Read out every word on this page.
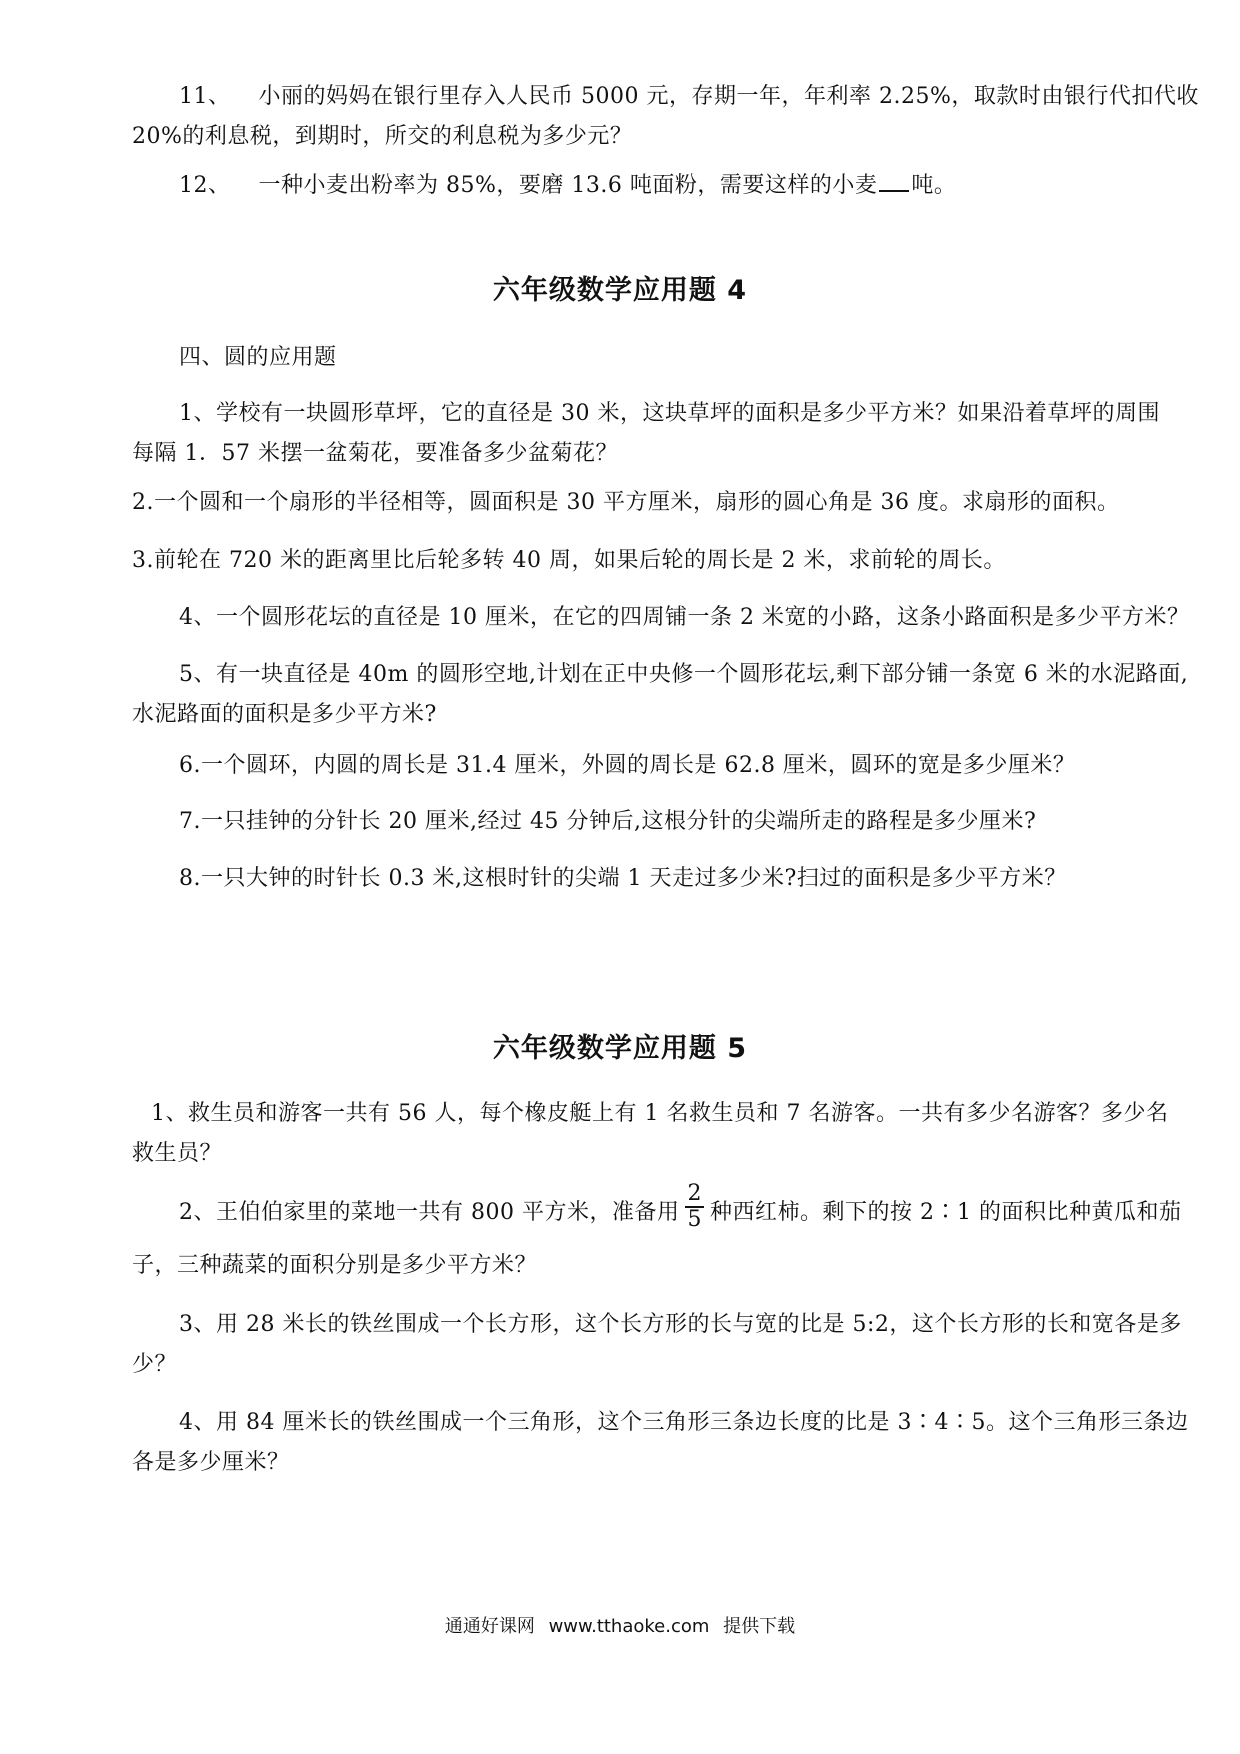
11、 小丽的妈妈在银行里存入人民币 5000 元，存期一年，年利率 2.25%，取款时由银行代扣代收
20%的利息税，到期时，所交的利息税为多少元？
12、 一种小麦出粉率为 85%，要磨 13.6 吨面粉，需要这样的小麦 吨。
六年级数学应用题 4
四、圆的应用题
1、学校有一块圆形草坪，它的直径是 30 米，这块草坪的面积是多少平方米？如果沿着草坪的周围
每隔 1．57 米摆一盆菊花，要准备多少盆菊花？
2.一个圆和一个扇形的半径相等，圆面积是 30 平方厘米，扇形的圆心角是 36 度。求扇形的面积。
3.前轮在 720 米的距离里比后轮多转 40 周，如果后轮的周长是 2 米，求前轮的周长。
4、一个圆形花坛的直径是 10 厘米，在它的四周铺一条 2 米宽的小路，这条小路面积是多少平方米？
5、有一块直径是 40m 的圆形空地,计划在正中央修一个圆形花坛,剩下部分铺一条宽 6 米的水泥路面,
水泥路面的面积是多少平方米?
6.一个圆环，内圆的周长是 31.4 厘米，外圆的周长是 62.8 厘米，圆环的宽是多少厘米？
7.一只挂钟的分针长 20 厘米,经过 45 分钟后,这根分针的尖端所走的路程是多少厘米?
8.一只大钟的时针长 0.3 米,这根时针的尖端 1 天走过多少米?扫过的面积是多少平方米？
六年级数学应用题 5
1、救生员和游客一共有 56 人，每个橡皮艇上有 1 名救生员和 7 名游客。一共有多少名游客？多少名
救生员？
2、王伯伯家里的菜地一共有 800 平方米，准备用 $\frac{2}{5}$ 种西红柿。剩下的按 2∶1 的面积比种黄瓜和茄
子，三种蔬菜的面积分别是多少平方米？
3、用 28 米长的铁丝围成一个长方形，这个长方形的长与宽的比是 5:2，这个长方形的长和宽各是多
少？
4、用 84 厘米长的铁丝围成一个三角形，这个三角形三条边长度的比是 3∶4∶5。这个三角形三条边
各是多少厘米？
通通好课网 www.tthaoke.com 提供下载
